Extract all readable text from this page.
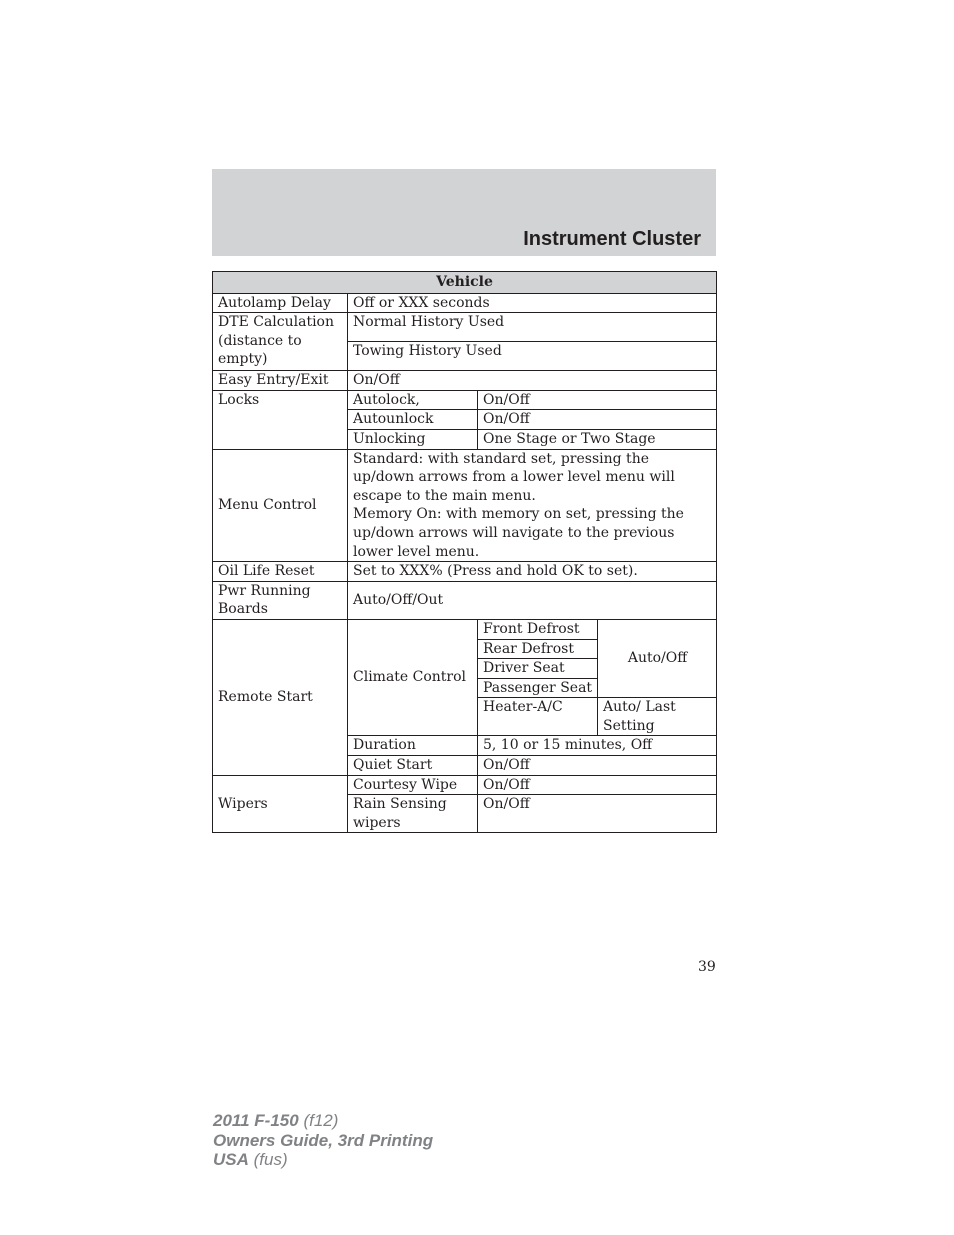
Instrument Cluster
Vehicle			
Autolamp Delay	Off or XXX seconds		
DTE Calculation (distance to empty)	Normal History Used		
	Towing History Used		
Easy Entry/Exit	On/Off		
Locks	Autolock,	On/Off	
	Autounlock	On/Off	
	Unlocking	One Stage or Two Stage	
Menu Control	Standard: with standard set, pressing the up/down arrows from a lower level menu will escape to the main menu.
Memory On: with memory on set, pressing the up/down arrows will navigate to the previous lower level menu.		

Oil Life Reset	Set to XXX% (Press and hold OK to set).		
Pwr Running Boards	Auto/Off/Out		
Remote Start	Climate Control	Front Defrost	Auto/Off
		Rear Defrost	
		Driver Seat	
		Passenger Seat	
		Heater-A/C	Auto/ Last Setting
	Duration	5, 10 or 15 minutes, Off	
	Quiet Start	On/Off	
Wipers	Courtesy Wipe	On/Off	
	Rain Sensing wipers	On/Off	
39
2011 F-150 (f12)
Owners Guide, 3rd Printing
USA (fus)
